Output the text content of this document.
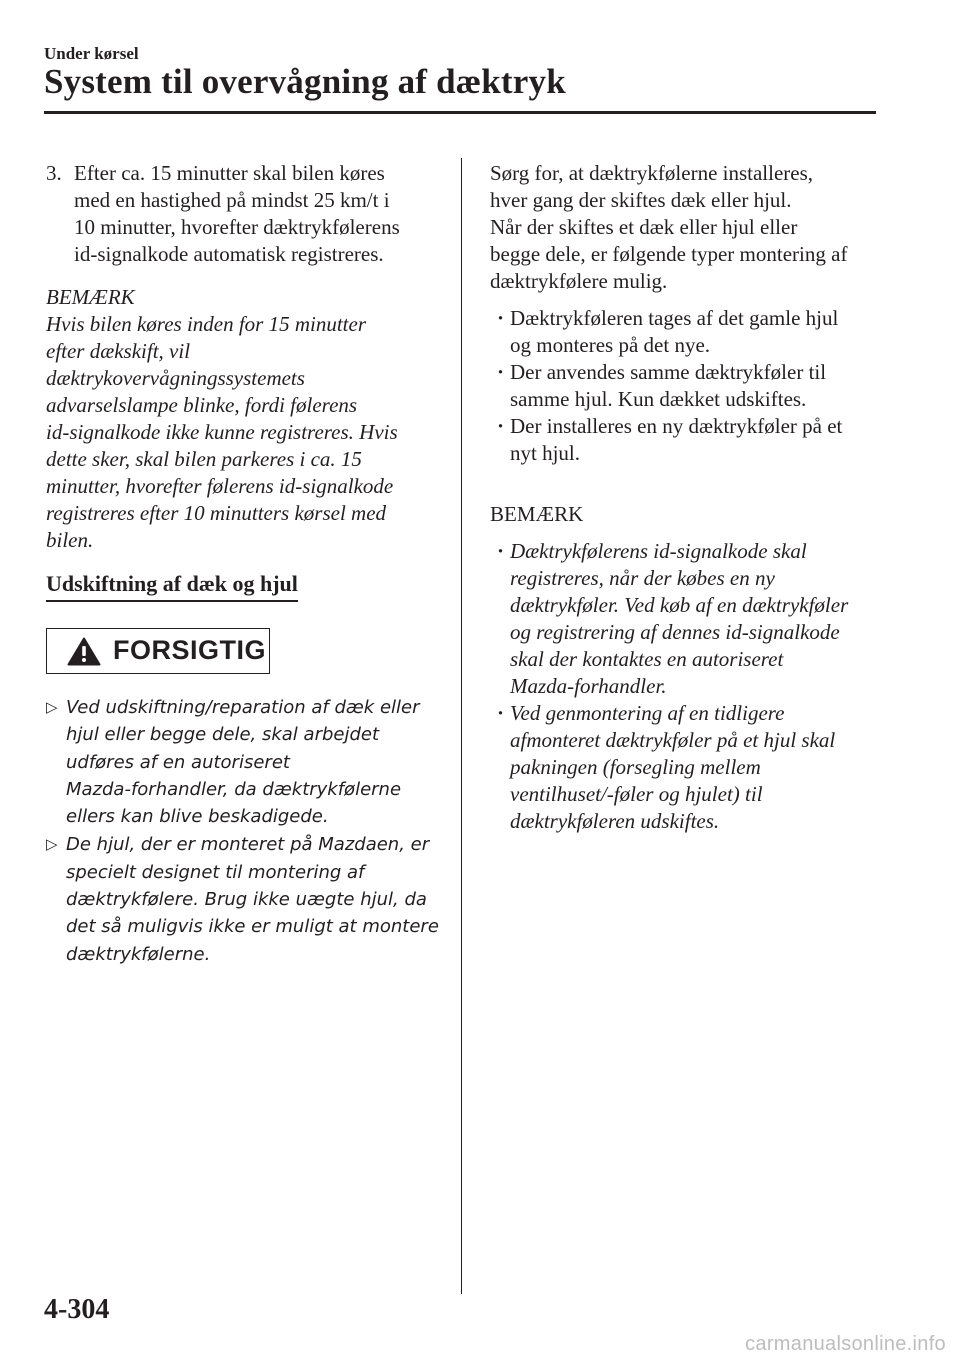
Under kørsel
System til overvågning af dæktryk
3. Efter ca. 15 minutter skal bilen køres
med en hastighed på mindst 25 km/t i
10 minutter, hvorefter dæktrykfølerens
id-signalkode automatisk registreres.
BEMÆRK
Hvis bilen køres inden for 15 minutter
efter dækskift, vil
dæktrykovervågningssystemets
advarselslampe blinke, fordi følerens
id-signalkode ikke kunne registreres. Hvis
dette sker, skal bilen parkeres i ca. 15
minutter, hvorefter følerens id-signalkode
registreres efter 10 minutters kørsel med
bilen.
Udskiftning af dæk og hjul
FORSIGTIG
▷ Ved udskiftning/reparation af dæk eller
hjul eller begge dele, skal arbejdet
udføres af en autoriseret
Mazda-forhandler, da dæktrykfølerne
ellers kan blive beskadigede.
▷ De hjul, der er monteret på Mazdaen, er
specielt designet til montering af
dæktrykfølere. Brug ikke uægte hjul, da
det så muligvis ikke er muligt at montere
dæktrykfølerne.
Sørg for, at dæktrykfølerne installeres,
hver gang der skiftes dæk eller hjul.
Når der skiftes et dæk eller hjul eller
begge dele, er følgende typer montering af
dæktrykfølere mulig.
· Dæktrykføleren tages af det gamle hjul
og monteres på det nye.
· Der anvendes samme dæktrykføler til
samme hjul. Kun dækket udskiftes.
· Der installeres en ny dæktrykføler på et
nyt hjul.
BEMÆRK
· Dæktrykfølerens id-signalkode skal
registreres, når der købes en ny
dæktrykføler. Ved køb af en dæktrykføler
og registrering af dennes id-signalkode
skal der kontaktes en autoriseret
Mazda-forhandler.
· Ved genmontering af en tidligere
afmonteret dæktrykføler på et hjul skal
pakningen (forsegling mellem
ventilhuset/-føler og hjulet) til
dæktrykføleren udskiftes.
4-304
carmanualsonline.info
